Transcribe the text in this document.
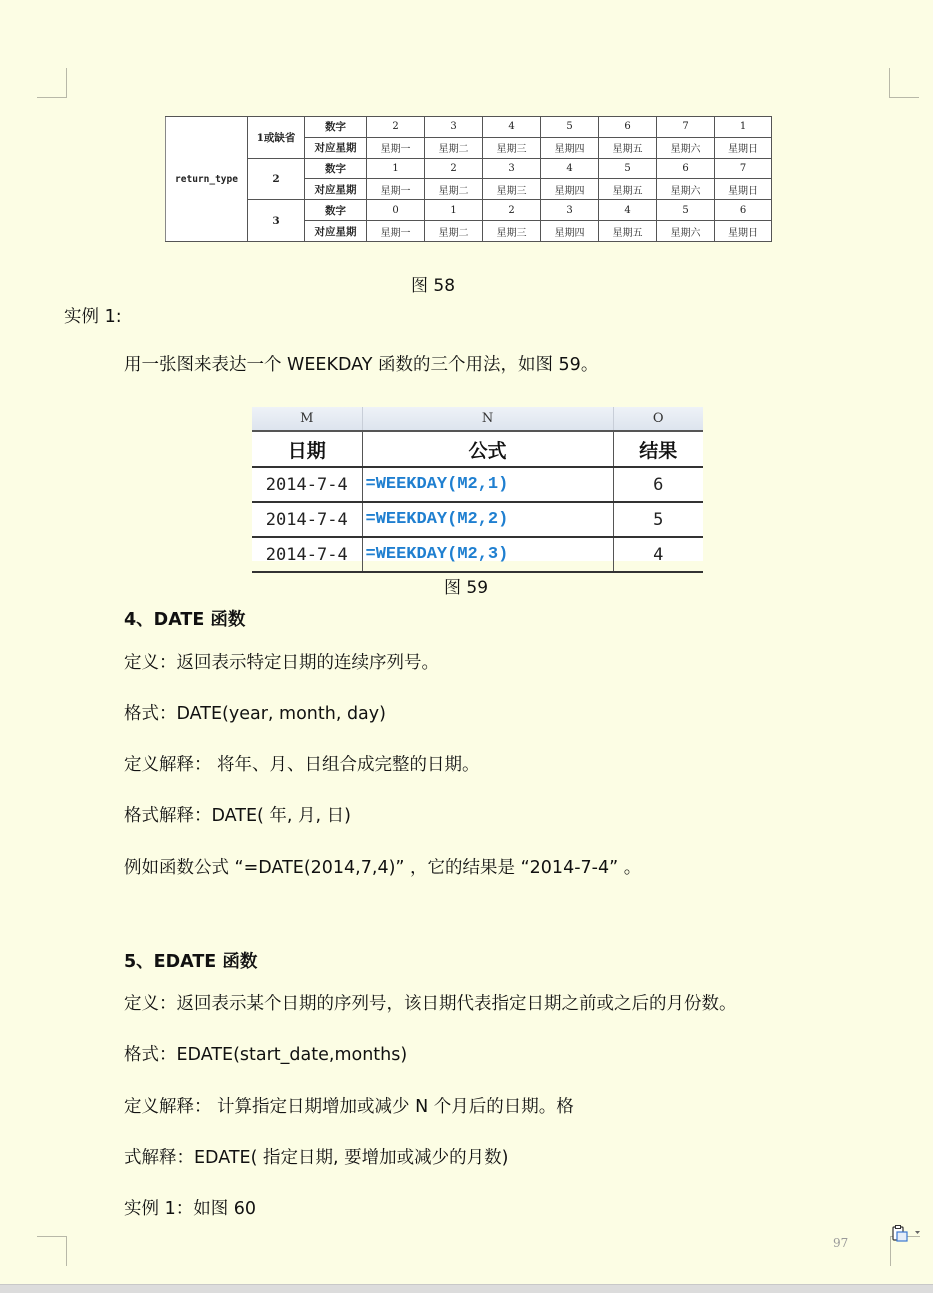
return_type	1或缺省	数字	2	3	4	5	6	7	1
		对应星期	星期一	星期二	星期三	星期四	星期五	星期六	星期日
	2	数字	1	2	3	4	5	6	7
		对应星期	星期一	星期二	星期三	星期四	星期五	星期六	星期日
	3	数字	0	1	2	3	4	5	6
		对应星期	星期一	星期二	星期三	星期四	星期五	星期六	星期日
图 58
实例 1:
用一张图来表达一个 WEEKDAY 函数的三个用法，如图 59。
M	N	O
日期	公式	结果
2014-7-4	=WEEKDAY(M2,1)	6
2014-7-4	=WEEKDAY(M2,2)	5
2014-7-4	=WEEKDAY(M2,3)	4
图 59
4、DATE 函数
定义：返回表示特定日期的连续序列号。
格式：DATE(year, month, day)
定义解释： 将年、月、日组合成完整的日期。
格式解释：DATE( 年, 月, 日)
例如函数公式 “=DATE(2014,7,4)” ，它的结果是 “2014-7-4” 。
5、EDATE 函数
定义：返回表示某个日期的序列号，该日期代表指定日期之前或之后的月份数。
格式：EDATE(start_date,months)
定义解释： 计算指定日期增加或减少 N 个月后的日期。格
式解释：EDATE( 指定日期, 要增加或减少的月数)
实例 1：如图 60
97
